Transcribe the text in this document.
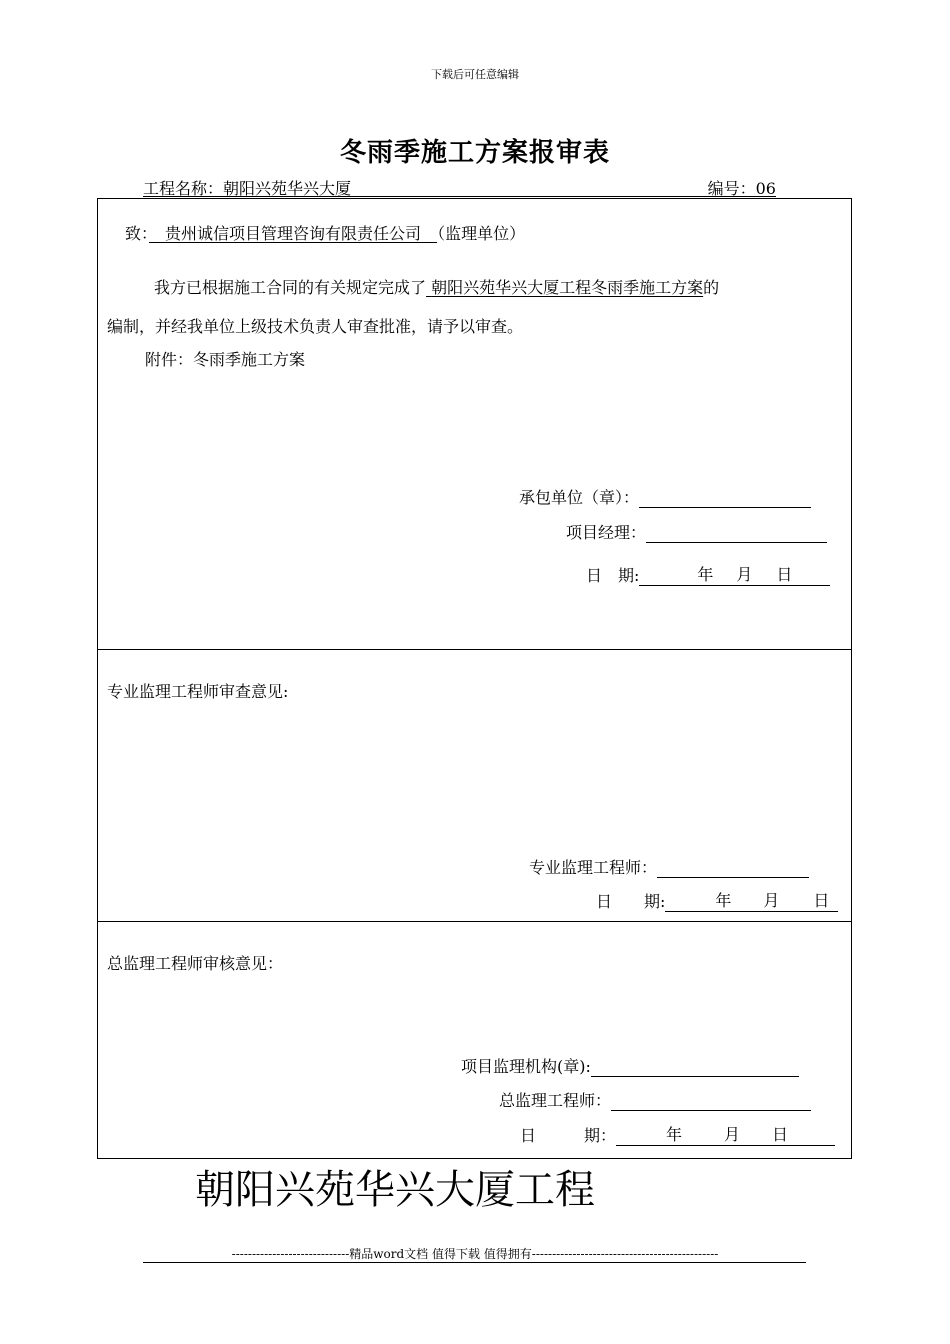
下载后可任意编辑
冬雨季施工方案报审表
工程名称：朝阳兴苑华兴大厦	编号：06
致：　 贵州诚信项目管理咨询有限责任公司　 （监理单位）
我方已根据施工合同的有关规定完成了 朝阳兴苑华兴大厦工程冬雨季施工方案的
编制，并经我单位上级技术负责人审查批准，请予以审查。
附件：冬雨季施工方案
承包单位（章）：
项目经理：
日　期:	年 月 日
专业监理工程师审查意见:
专业监理工程师：
日　　期:	年 月 日
总监理工程师审核意见：
项目监理机构(章):
总监理工程师：
日　　　期：	年	月 日
朝阳兴苑华兴大厦工程
-----------------------------精品word文档 值得下载 值得拥有----------------------------------------------
